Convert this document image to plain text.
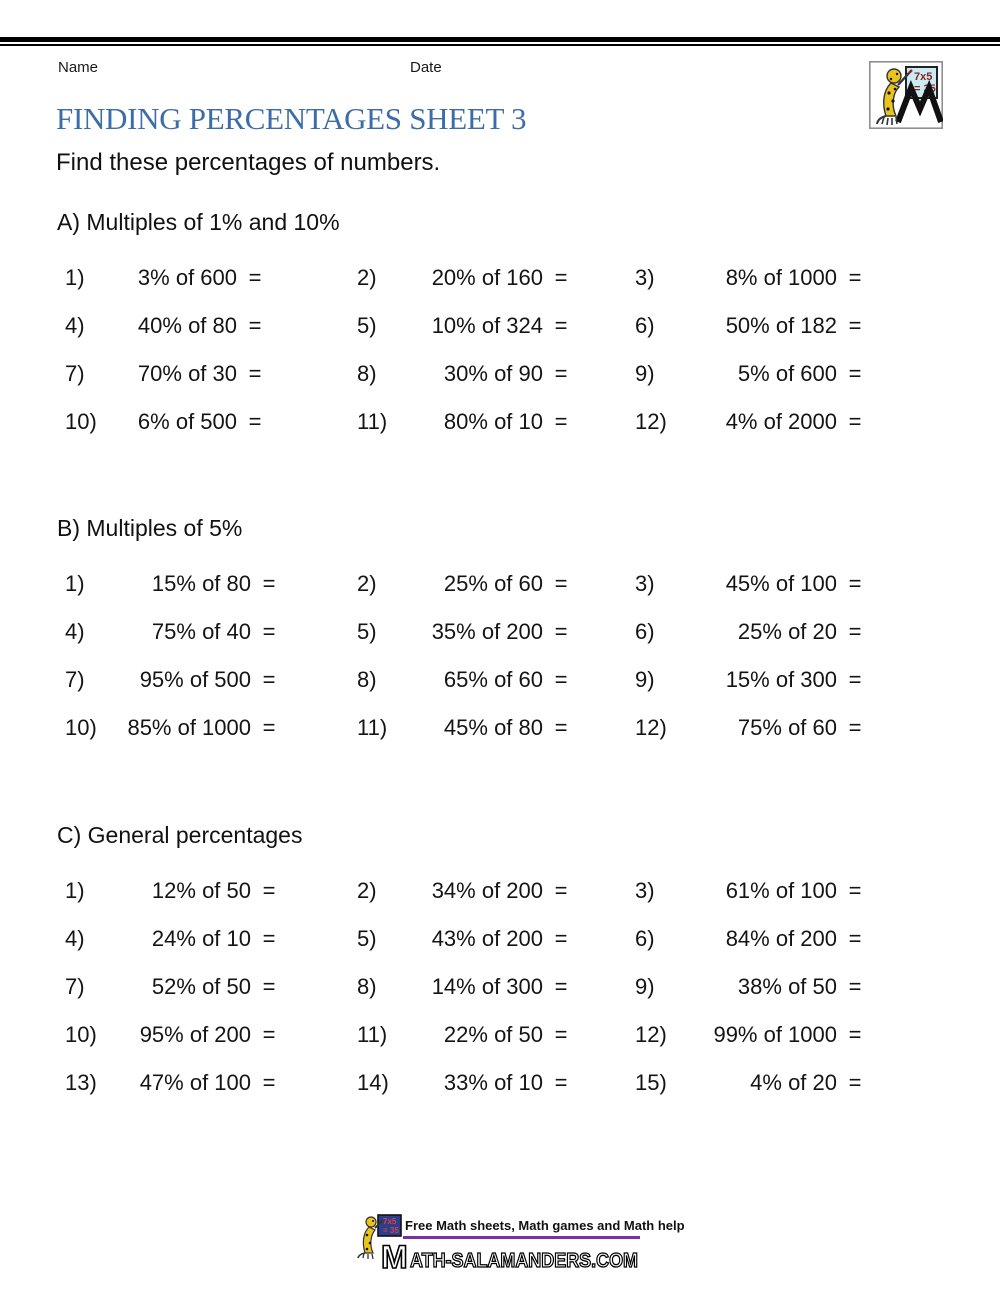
Name	Date
7x5
= 35
FINDING PERCENTAGES SHEET 3

Find these percentages of numbers.

A) Multiples of 1% and 10%
1)	3% of 600 =	2)	20% of 160 =	3)	8% of 1000 =
4)	40% of 80 =	5)	10% of 324 =	6)	50% of 182 =
7)	70% of 30 =	8)	30% of 90 =	9)	5% of 600 =
10)	6% of 500 =	11)	80% of 10 =	12)	4% of 2000 =
B) Multiples of 5%
1)	15% of 80 =	2)	25% of 60 =	3)	45% of 100 =
4)	75% of 40 =	5)	35% of 200 =	6)	25% of 20 =
7)	95% of 500 =	8)	65% of 60 =	9)	15% of 300 =
10)	85% of 1000 =	11)	45% of 80 =	12)	75% of 60 =
C) General percentages
1)	12% of 50 =	2)	34% of 200 =	3)	61% of 100 =
4)	24% of 10 =	5)	43% of 200 =	6)	84% of 200 =
7)	52% of 50 =	8)	14% of 300 =	9)	38% of 50 =
10)	95% of 200 =	11)	22% of 50 =	12)	99% of 1000 =
13)	47% of 100 =	14)	33% of 10 =	15)	4% of 20 =
7x5
= 35 Free Math sheets, Math games and Math help
M ATH-SALAMANDERS.COM
